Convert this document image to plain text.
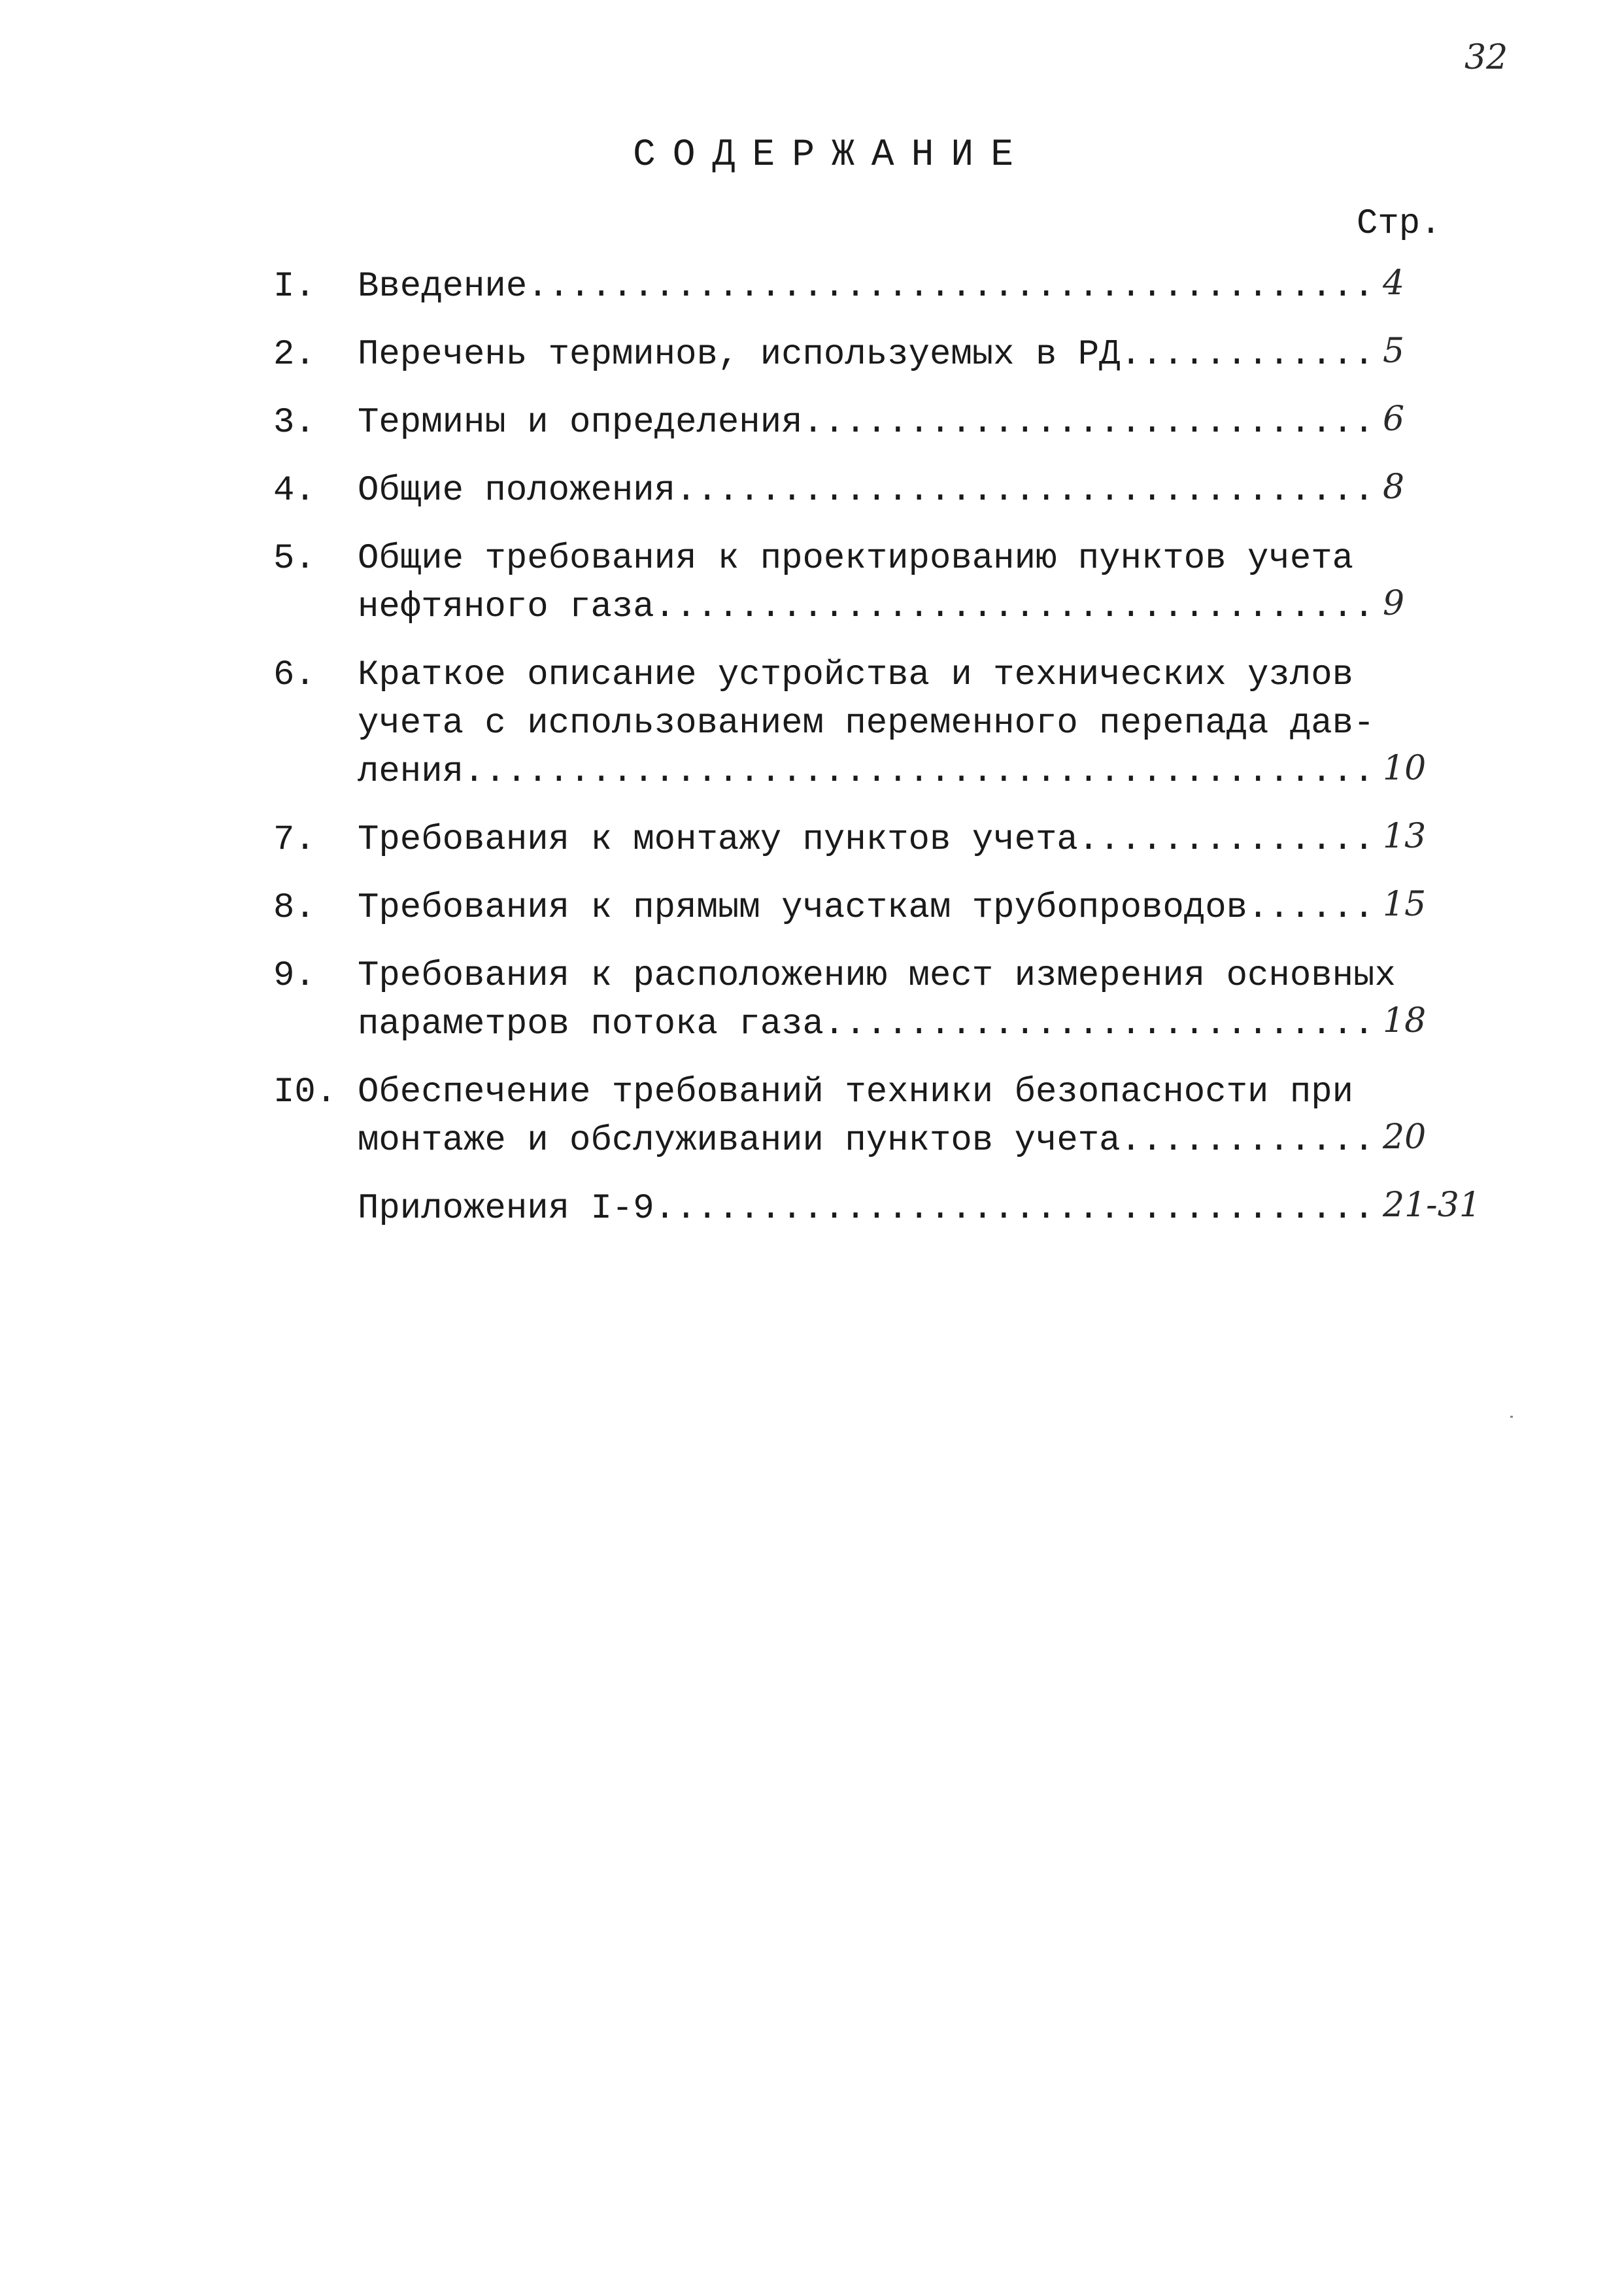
32
СОДЕРЖАНИЕ
Стр.
I. Введение .....	4
2. Перечень терминов, используемых в РД .....	5
3. Термины и определения .....	6
4. Общие положения .....	8
5. Общие требования к проектированию пунктов учета
нефтяного газа .....	9
6. Краткое описание устройства и технических узлов
учета с использованием переменного перепада дав-
ления .....	10
7. Требования к монтажу пунктов учета .....	13
8. Требования к прямым участкам трубопроводов .....	15
9. Требования к расположению мест измерения основных
параметров потока газа .....	18
I0. Обеспечение требований техники безопасности при
монтаже и обслуживании пунктов учета .....	20
Приложения I-9 .....	21-31
